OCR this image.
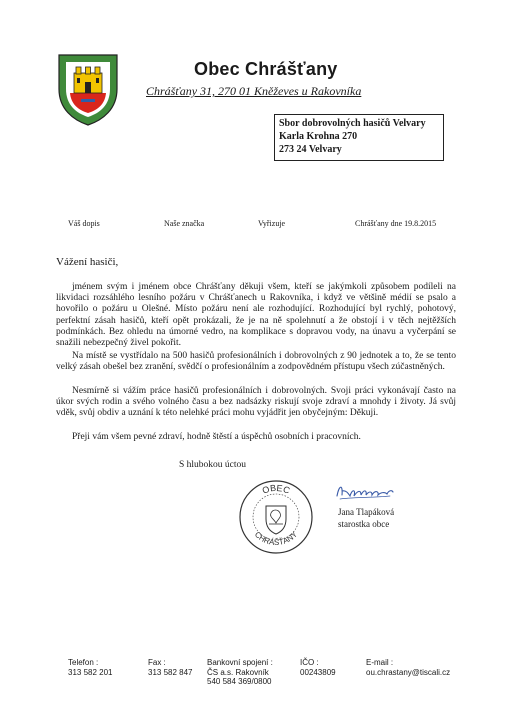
Obec Chrášťany
Chrášťany 31, 270 01 Kněževes u Rakovníka
Sbor dobrovolných hasičů Velvary
Karla Krohna 270
273 24 Velvary
Váš dopis	Naše značka	Vyřizuje	Chrášťany dne 19.8.2015
Vážení hasiči,

jménem svým i jménem obce Chrášťany děkuji všem, kteří se jakýmkoli způsobem podíleli na likvidaci rozsáhlého lesního požáru v Chrášťanech u Rakovníka, i když ve většině médií se psalo a hovořilo o požáru u Olešné. Místo požáru není ale rozhodující. Rozhodující byl rychlý, pohotový, perfektní zásah hasičů, kteří opět prokázali, že je na ně spolehnutí a že obstojí i v těch nejtěžších podmínkách. Bez ohledu na úmorné vedro, na komplikace s dopravou vody, na únavu a vyčerpání se snažili nebezpečný živel pokořit.

Na místě se vystřídalo na 500 hasičů profesionálních i dobrovolných z 90 jednotek a to, že se tento velký zásah obešel bez zranění, svědčí o profesionálním a zodpovědném přístupu všech zúčastněných.

Nesmírně si vážím práce hasičů profesionálních i dobrovolných. Svoji práci vykonávají často na úkor svých rodin a svého volného času a bez nadsázky riskují svoje zdraví a mnohdy i životy. Já svůj vděk, svůj obdiv a uznání k této nelehké práci mohu vyjádřit jen obyčejným: Děkuji.

Přeji vám všem pevné zdraví, hodně štěstí a úspěchů osobních i pracovních.

S hlubokou úctou
OBEC
CHRÁŠŤANY
Jana Tlapáková
starostka obce
Telefon :
313 582 201
Fax :
313 582 847
Bankovní spojení :
ČS a.s. Rakovník
540 584 369/0800
IČO :
00243809
E-mail :
ou.chrastany@tiscali.cz
